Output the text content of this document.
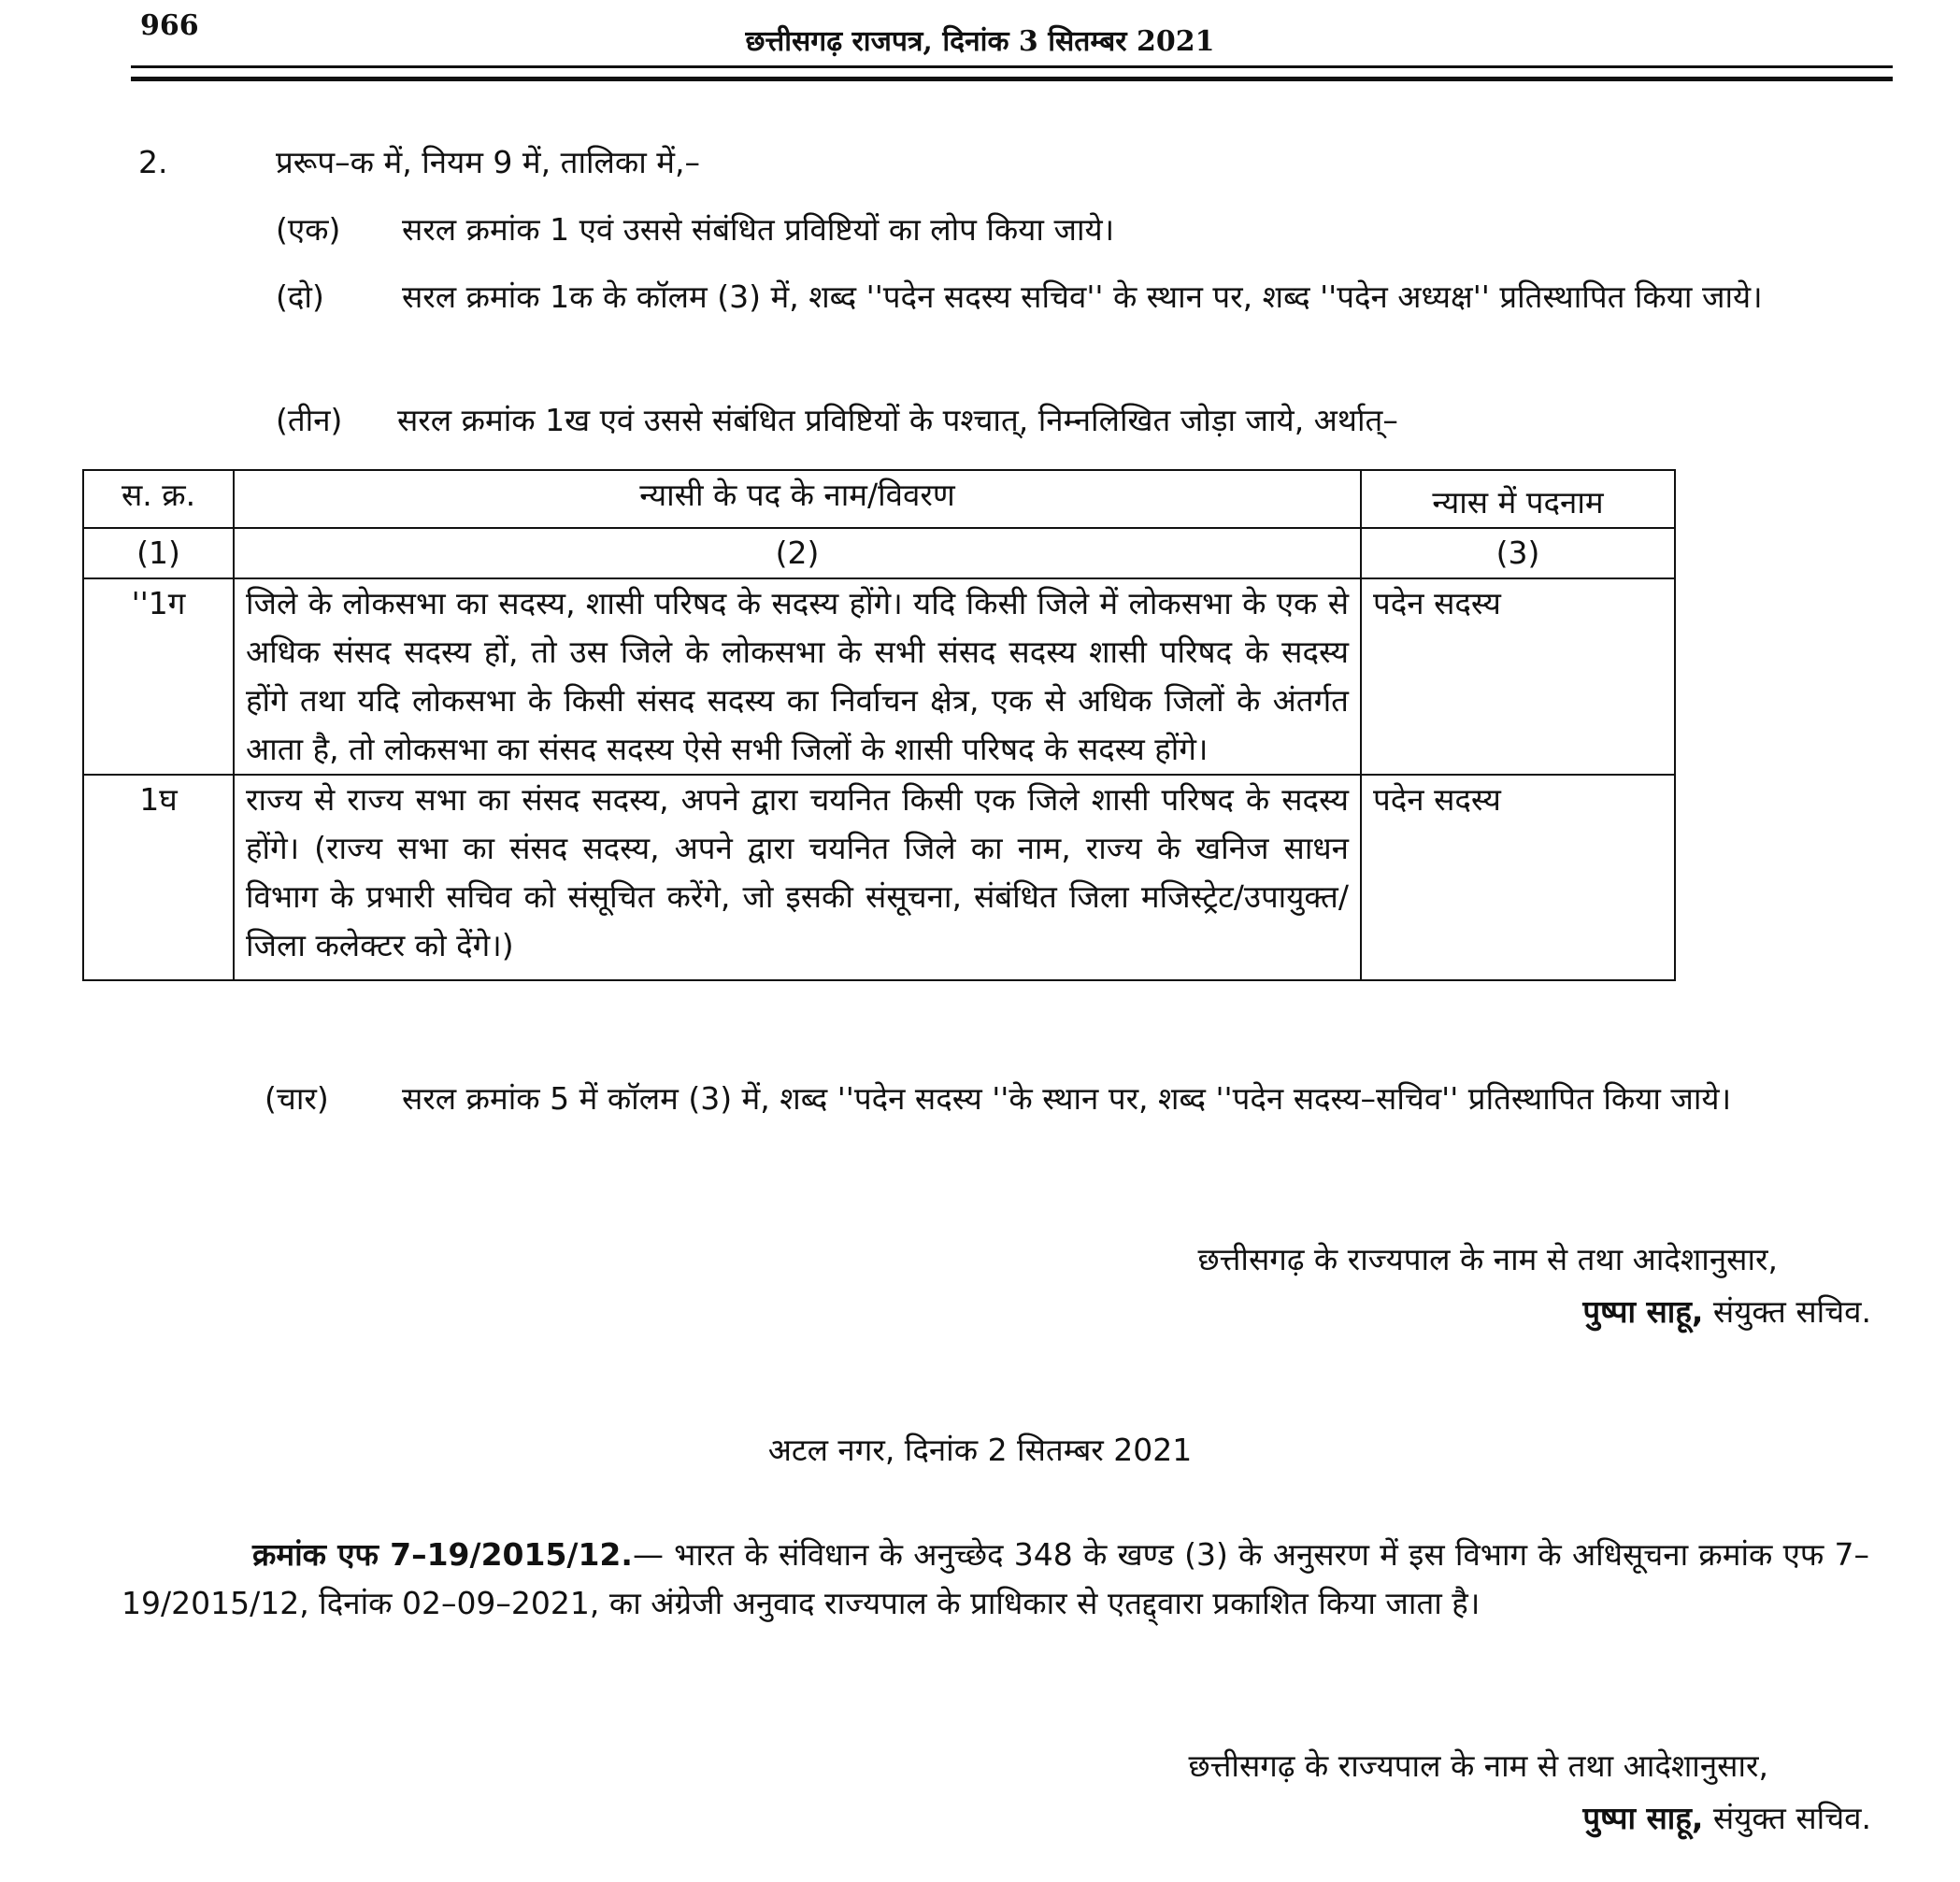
966	छत्तीसगढ़ राजपत्र, दिनांक 3 सितम्बर 2021
2.	प्ररूप–क में, नियम 9 में, तालिका में,–
(एक) सरल क्रमांक 1 एवं उससे संबंधित प्रविष्टियों का लोप किया जाये।
(दो)	सरल क्रमांक 1क के कॉलम (3) में, शब्द ''पदेन सदस्य सचिव'' के स्थान पर, शब्द ''पदेन अध्यक्ष'' प्रतिस्थापित किया जाये।
(तीन) सरल क्रमांक 1ख एवं उससे संबंधित प्रविष्टियों के पश्चात्, निम्नलिखित जोड़ा जाये, अर्थात्–
स. क्र.	न्यासी के पद के नाम/विवरण	न्यास में पदनाम
(1)	(2)	(3)
''1ग	जिले के लोकसभा का सदस्य, शासी परिषद के सदस्य होंगे। यदि किसी जिले में लोकसभा के एक से अधिक संसद सदस्य हों, तो उस जिले के लोकसभा के सभी संसद सदस्य शासी परिषद के सदस्य होंगे तथा यदि लोकसभा के किसी संसद सदस्य का निर्वाचन क्षेत्र, एक से अधिक जिलों के अंतर्गत आता है, तो लोकसभा का संसद सदस्य ऐसे सभी जिलों के शासी परिषद के सदस्य होंगे।	पदेन सदस्य
1घ	राज्य से राज्य सभा का संसद सदस्य, अपने द्वारा चयनित किसी एक जिले शासी परिषद के सदस्य होंगे। (राज्य सभा का संसद सदस्य, अपने द्वारा चयनित जिले का नाम, राज्य के खनिज साधन विभाग के प्रभारी सचिव को संसूचित करेंगे, जो इसकी संसूचना, संबंधित जिला मजिस्ट्रेट/उपायुक्त/जिला कलेक्टर को देंगे।)	पदेन सदस्य
(चार) सरल क्रमांक 5 में कॉलम (3) में, शब्द ''पदेन सदस्य ''के स्थान पर, शब्द ''पदेन सदस्य–सचिव'' प्रतिस्थापित किया जाये।
छत्तीसगढ़ के राज्यपाल के नाम से तथा आदेशानुसार,
पुष्पा साहू, संयुक्त सचिव.
अटल नगर, दिनांक 2 सितम्बर 2021
क्रमांक एफ 7–19/2015/12.— भारत के संविधान के अनुच्छेद 348 के खण्ड (3) के अनुसरण में इस विभाग के अधिसूचना क्रमांक एफ 7–19/2015/12, दिनांक 02–09–2021, का अंग्रेजी अनुवाद राज्यपाल के प्राधिकार से एतद्द्वारा प्रकाशित किया जाता है।
छत्तीसगढ़ के राज्यपाल के नाम से तथा आदेशानुसार,
पुष्पा साहू, संयुक्त सचिव.
